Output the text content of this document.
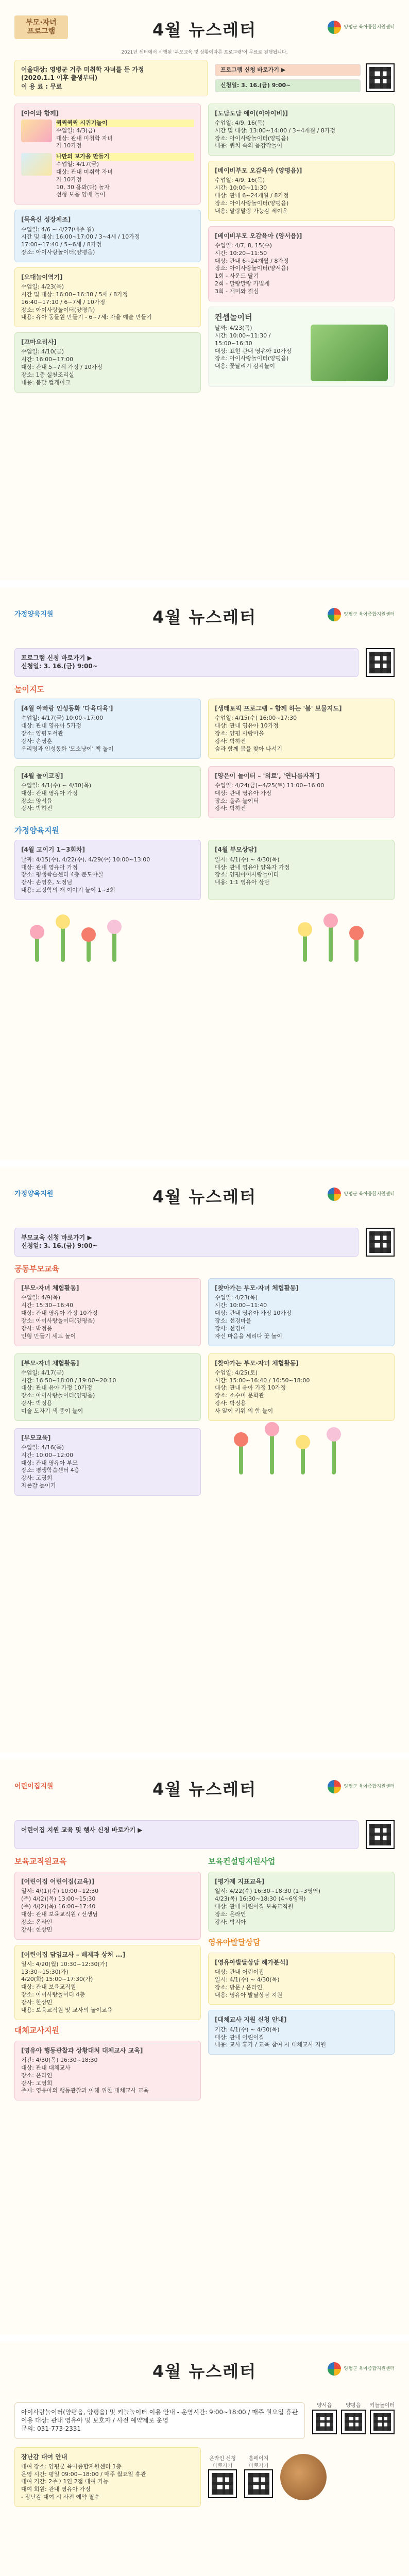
부모·자녀
프로그램	4월 뉴스레터	양평군 육아종합지원센터
2021년 센터에서 시행된 '부모교육 및 상황에따른 프로그램'이 무료로 진행됩니다.
어울대상: 영병군 거주 미취학 자녀를 둔 가정
(2020.1.1 이후 출생부터)
이 용 료 : 무료
프로그램 신청 바로가기 ▶
신청일: 3. 16.(금) 9:00~
[아이와 함께]
퀵퀵퀵퀵 시퀴기놀이
수업일: 4/3(금)
대상: 관내 미취학 자녀
가 10가정
나만의 보가을 만들기
수업일: 4/17(금)
대상: 관내 미취학 자녀
가 10가정
10, 30 용봐(다) 놀자
선형 보음 양배 놀이
[목욕신 성장체조]
수업일: 4/6 ~ 4/27(매주 월)
시간 및 대상: 16:00~17:00 / 3~4세 / 10가정
17:00~17:40 / 5~6세 / 8가정
장소: 아이사랑놀이터(양평읍)
[오대놀이역기]
수업일: 4/23(목)
시간 및 대상: 16:00~16:30 / 5세 / 8가정
16:40~17:10 / 6~7세 / 10가정
장소: 아이사랑놀이터(양평읍)
내용: 유아 동물원 만들기 - 6~7세: 자율 예술 만들기
[꼬마요리사]
수업일: 4/10(금)
시간: 16:00~17:00
대상: 관내 5~7세 가정 / 10가정
장소: 1층 실천조리실
내용: 봄맞 컵케이크
[도담도담 애이(이아이비)]
수업일: 4/9, 16(목)
시간 및 대상: 13:00~14:00 / 3~4개월 / 8가정
장소: 아이사랑놀이터(양평읍)
내용: 퀴치 속의 음감각놀이
[베이비부모 오감육아 (양평읍)]
수업일: 4/9, 16(목)
시간: 10:00~11:30
대상: 관내 6~24개월 / 8가정
장소: 아이사랑놀이터(양평읍)
내용: 말랑말랑 가능감 세이운
[베이비부모 오감육아 (양서읍)]
수업일: 4/7, 8, 15(수)
시간: 10:20~11:50
대상: 관내 6~24개월 / 8가정
장소: 아이사랑놀이터(양서읍)
1회 - 사운드 딸기
2회 - 말랑말랑 가볍게
3회 - 재미와 결심
컨셉놀이터
날짜: 4/23(목)
시간: 10:00~11:30 / 15:00~16:30
대상: 표현 관내 영유아 10가정
장소: 아이사랑놀이터(양평읍)
내용: 꽃날리기 감각놀이
가정양육지원	4월 뉴스레터	양평군 육아종합지원센터
프로그램 신청 바로가기 ▶
신청일: 3. 16.(금) 9:00~
놀이지도
[4월 아빠랑 인성동화 '다육디육']
수업일: 4/17(금) 10:00~17:00
대상: 관내 영유아 5가정
장소: 양평도서관
강사: 손영훈
우리명과 인성동화 '모소냥이' 책 놀이
[생태토픽 프로그램 – 함께 하는 '봄' 보물지도]
수업일: 4/15(수) 16:00~17:30
대상: 관내 영유아 10가정
장소: 양평 사랑마을
강사: 박하진
숲과 함께 봄을 찾아 나서기
[4월 놀이코칭]
수업일: 4/1(수) ~ 4/30(목)
대상: 관내 영유아 가정
장소: 양서읍
강사: 박하진
[양은이 놀이터 – '의료', '연나름자격']
수업일: 4/24(금)~4/25(토) 11:00~16:00
대상: 관내 영유아 가정
장소: 올촌 놀이터
강사: 박하진
가정양육지원
[4월 고이기 1~3회차]
날짜: 4/15(수), 4/22(수), 4/29(수) 10:00~13:00
대상: 관내 영유아 가정
장소: 평생학습센터 4층 분도야실
강사: 손영훈, 노정님
내용: 교정학의 재 이야기 놀이 1~3회
[4월 부모상담]
일시: 4/1(수) ~ 4/30(목)
대상: 관내 영유아 양육자 가정
장소: 양평아이사랑놀이터
내용: 1:1 영유아 상담
가정양육지원	4월 뉴스레터	양평군 육아종합지원센터
부모교육 신청 바로가기 ▶
신청일: 3. 16.(금) 9:00~
공동부모교육
[부모·자녀 체험활동]
수업일: 4/9(목)
시간: 15:30~16:40
대상: 관내 영유아 가정 10가정
장소: 아이사랑놀이터(양평읍)
강사: 박정용
인형 만들기 세트 놀이
[찾아가는 부모·자녀 체험활동]
수업일: 4/23(목)
시간: 10:00~11:40
대상: 관내 영유아 가정 10가정
장소: 선경마을
강사: 선경이
자신 마음을 세리다 꽃 놀이
[부모·자녀 체험활동]
수업일: 4/17(금)
시간: 16:50~18:00 / 19:00~20:10
대상: 관내 유아 가정 10가정
장소: 아이사랑놀이터(양평읍)
강사: 박정용
미술 도자기 색 종이 놀이
[찾아가는 부모·자녀 체험활동]
수업일: 4/25(토)
시간: 15:00~16:40 / 16:50~18:00
대상: 관내 유아 가정 10가정
장소: 소수미 문화관
강사: 박정용
사 알이 키워 의 함 놀이
[부모교육]
수업일: 4/16(목)
시간: 10:00~12:00
대상: 관내 영유아 부모
장소: 평생학습센터 4층
강사: 고영희
자존감 높이기
어린이집지원	4월 뉴스레터	양평군 육아종합지원센터
어린이집 지원 교육 및 행사 신청 바로가기 ▶
보육교직원교육
[어린이집 어린이집(교육)]
일시: 4/(1)(수) 10:00~12:30
(주) 4/(2)(목) 13:00~15:30
(주) 4/(2)(목) 16:00~17:40
대상: 관내 보육교직원 / 선생님
장소: 온라인
강사: 한상민
[어린이집 담임교사 – 배제과 상처 ...]
일시: 4/20(월) 10:30~12:30(가)
13:30~15:30(가)
4/20(화) 15:00~17:30(가)
대상: 관내 보육교직원
장소: 아이사랑놀이터 4층
강사: 한상민
내용: 보육교직원 및 교사의 놀이교육
대체교사지원
[영유아 행동관찰과 상황대처 대체교사 교육]
기간: 4/30(목) 16:30~18:30
대상: 관내 대체교사
장소: 온라인
강사: 고영희
주제: 영유아의 행동관찰과 이해 위한 대체교사 교육
보육컨설팅지원사업
[평가제 지표교육]
일시: 4/22(수) 16:30~18:30 (1~3영역)
4/23(목) 16:30~18:30 (4~6영역)
대상: 관내 어린이집 보육교직원
장소: 온라인
강사: 박지아
영유아발달상담
[영유아발달상담 해가분석]
대상: 관내 어린이집
일시: 4/1(수) ~ 4/30(목)
장소: 방문 / 온라인
내용: 영유아 발달상담 지원
[대체교사 지원 신청 안내]
기간: 4/1(수) ~ 4/30(목)
대상: 관내 어린이집
내용: 교사 휴가 / 교육 참여 시 대체교사 지원
4월 뉴스레터	양평군 육아종합지원센터
아이사랑놀이터(양평읍, 양평읍) 및 키늘놀이터 이용 안내 - 운영시간: 9:00~18:00 / 매주 월요일 휴관
이용 대상: 관내 영유아 및 보호자 / 사전 예약제로 운영
문의: 031-773-2331
양서읍	양평읍	키늘놀이터
장난감 대여 안내
대여 장소: 양평군 육아종합지원센터 1층
운영 시간: 평일 09:00~18:00 / 매주 월요일 휴관
대여 기간: 2주 / 1인 2점 대여 가능
대여 회원: 관내 영유아 가정
- 장난감 대여 시 사전 예약 필수
온라인 신청
바로가기
홈페이지
바로가기
